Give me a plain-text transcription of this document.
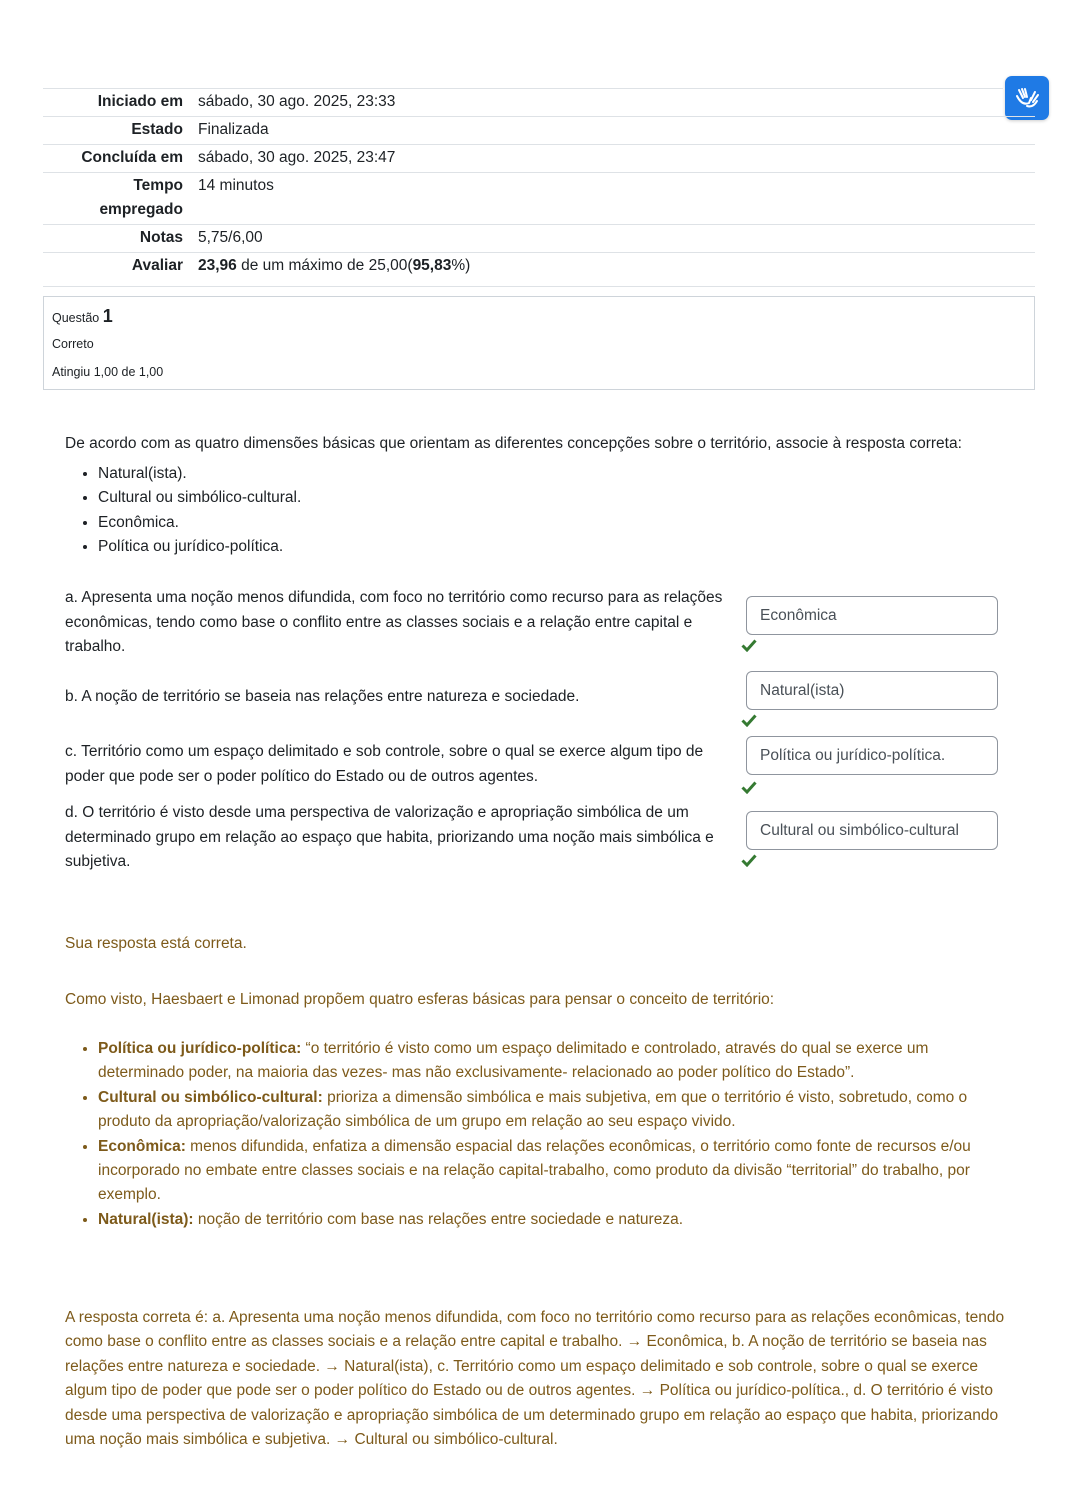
Iniciado em sábado, 30 ago. 2025, 23:33
Estado Finalizada
Concluída em sábado, 30 ago. 2025, 23:47
Tempo empregado
14 minutos
Notas 5,75/6,00
Avaliar 23,96 de um máximo de 25,00(95,83%)
Questão 1
Correto
Atingiu 1,00 de 1,00

De acordo com as quatro dimensões básicas que orientam as diferentes concepções sobre o território, associe à resposta correta:

• Natural(ista).
• Cultural ou simbólico-cultural.
• Econômica.
• Política ou jurídico-política.
a. Apresenta uma noção menos difundida, com foco no território como recurso para as relações econômicas, tendo como base o conflito entre as classes sociais e a relação entre capital e trabalho.
Econômica
b. A noção de território se baseia nas relações entre natureza e sociedade.	Natural(ista)
c. Território como um espaço delimitado e sob controle, sobre o qual se exerce algum tipo de poder que pode ser o poder político do Estado ou de outros agentes.
Política ou jurídico-política.
d. O território é visto desde uma perspectiva de valorização e apropriação simbólica de um determinado grupo em relação ao espaço que habita, priorizando uma noção mais simbólica e subjetiva.
Cultural ou simbólico-cultural
Sua resposta está correta.
Como visto, Haesbaert e Limonad propõem quatro esferas básicas para pensar o conceito de território:
• Política ou jurídico-política: “o território é visto como um espaço delimitado e controlado, através do qual se exerce um determinado poder, na maioria das vezes- mas não exclusivamente- relacionado ao poder político do Estado”.
• Cultural ou simbólico-cultural: prioriza a dimensão simbólica e mais subjetiva, em que o território é visto, sobretudo, como o produto da apropriação/valorização simbólica de um grupo em relação ao seu espaço vivido.
• Econômica: menos difundida, enfatiza a dimensão espacial das relações econômicas, o território como fonte de recursos e/ou incorporado no embate entre classes sociais e na relação capital-trabalho, como produto da divisão “territorial” do trabalho, por exemplo.
• Natural(ista): noção de território com base nas relações entre sociedade e natureza.
A resposta correta é: a. Apresenta uma noção menos difundida, com foco no território como recurso para as relações econômicas, tendo como base o conflito entre as classes sociais e a relação entre capital e trabalho. → Econômica, b. A noção de território se baseia nas relações entre natureza e sociedade. → Natural(ista), c. Território como um espaço delimitado e sob controle, sobre o qual se exerce algum tipo de poder que pode ser o poder político do Estado ou de outros agentes. → Política ou jurídico-política., d. O território é visto desde uma perspectiva de valorização e apropriação simbólica de um determinado grupo em relação ao espaço que habita, priorizando uma noção mais simbólica e subjetiva. → Cultural ou simbólico-cultural.
